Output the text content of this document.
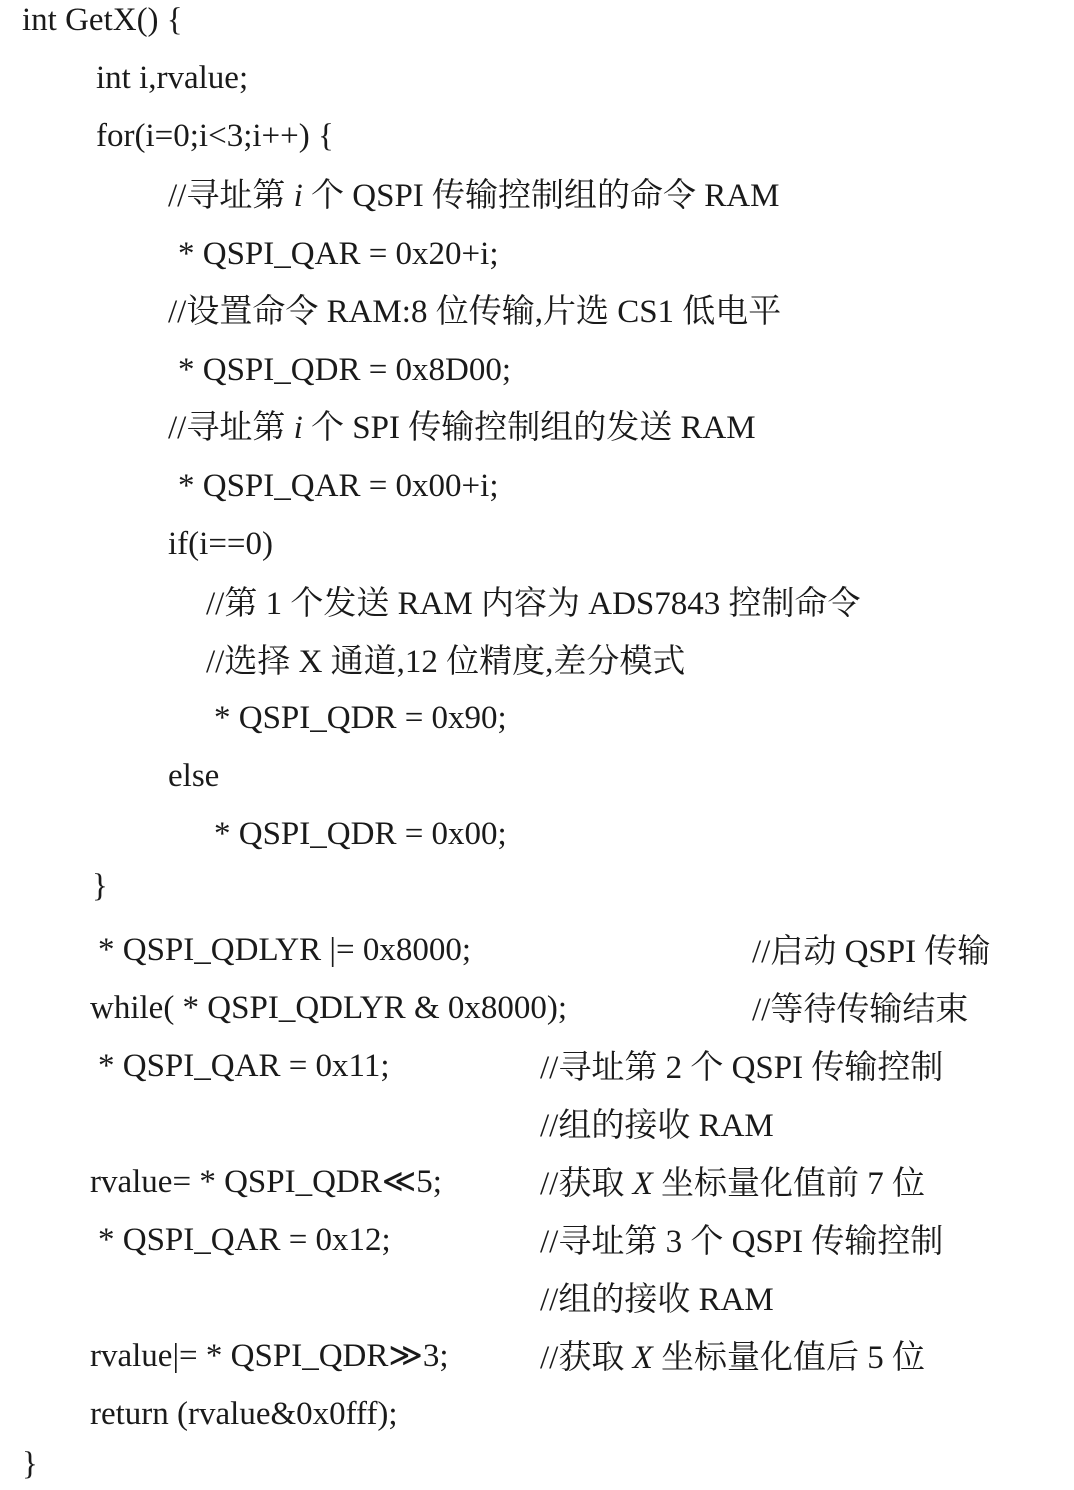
int GetX() {
int i,rvalue;
for(i=0;i<3;i++) {
//寻址第 i 个 QSPI 传输控制组的命令 RAM
* QSPI_QAR = 0x20+i;
//设置命令 RAM:8 位传输,片选 CS1 低电平
* QSPI_QDR = 0x8D00;
//寻址第 i 个 SPI 传输控制组的发送 RAM
* QSPI_QAR = 0x00+i;
if(i==0)
//第 1 个发送 RAM 内容为 ADS7843 控制命令
//选择 X 通道,12 位精度,差分模式
* QSPI_QDR = 0x90;
else
* QSPI_QDR = 0x00;
}
* QSPI_QDLYR |= 0x8000;	//启动 QSPI 传输
while( * QSPI_QDLYR & 0x8000);	//等待传输结束
* QSPI_QAR = 0x11;	//寻址第 2 个 QSPI 传输控制
//组的接收 RAM
rvalue= * QSPI_QDR≪5;	//获取 X 坐标量化值前 7 位
* QSPI_QAR = 0x12;	//寻址第 3 个 QSPI 传输控制
//组的接收 RAM
rvalue|= * QSPI_QDR≫3;	//获取 X 坐标量化值后 5 位
return (rvalue&0x0fff);
}
